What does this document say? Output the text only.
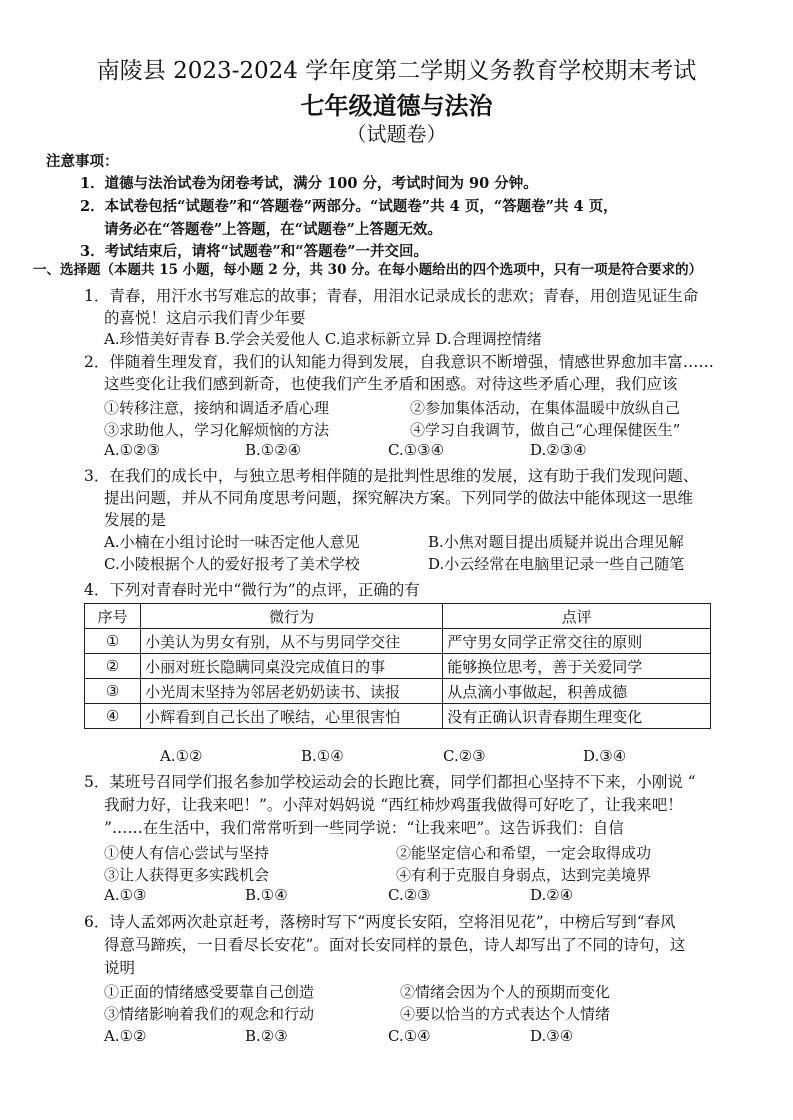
南陵县 2023-2024 学年度第二学期义务教育学校期末考试
七年级道德与法治
（试题卷）
注意事项：
1．道德与法治试卷为闭卷考试，满分 100 分，考试时间为 90 分钟。
2．本试卷包括“试题卷”和“答题卷”两部分。“试题卷”共 4 页，“答题卷”共 4 页，
请务必在“答题卷”上答题，在“试题卷”上答题无效。
3．考试结束后，请将“试题卷”和“答题卷”一并交回。
一、选择题（本题共 15 小题，每小题 2 分，共 30 分。在每小题给出的四个选项中，只有一项是符合要求的）
1．青春，用汗水书写难忘的故事；青春，用泪水记录成长的悲欢；青春，用创造见证生命
的喜悦！这启示我们青少年要
A.珍惜美好青春 B.学会关爱他人 C.追求标新立异 D.合理调控情绪
2．伴随着生理发育，我们的认知能力得到发展，自我意识不断增强，情感世界愈加丰富……
这些变化让我们感到新奇，也使我们产生矛盾和困惑。对待这些矛盾心理，我们应该
①转移注意，接纳和调适矛盾心理	②参加集体活动，在集体温暖中放纵自己
③求助他人，学习化解烦恼的方法	④学习自我调节，做自己“心理保健医生”
A.①②③	B.①②④	C.①③④	D.②③④
3．在我们的成长中，与独立思考相伴随的是批判性思维的发展，这有助于我们发现问题、
提出问题，并从不同角度思考问题，探究解决方案。下列同学的做法中能体现这一思维
发展的是
A.小楠在小组讨论时一味否定他人意见	B.小焦对题目提出质疑并说出合理见解
C.小陵根据个人的爱好报考了美术学校	D.小云经常在电脑里记录一些自己随笔
4．下列对青春时光中“微行为”的点评，正确的有
序号	微行为	点评
①	小美认为男女有别，从不与男同学交往	严守男女同学正常交往的原则
②	小丽对班长隐瞒同桌没完成值日的事	能够换位思考，善于关爱同学
③	小光周末坚持为邻居老奶奶读书、读报	从点滴小事做起，积善成德
④	小辉看到自己长出了喉结，心里很害怕	没有正确认识青春期生理变化
A.①②	B.①④	C.②③	D.③④
5．某班号召同学们报名参加学校运动会的长跑比赛，同学们都担心坚持不下来，小刚说 “
我耐力好，让我来吧！”。小萍对妈妈说 “西红柿炒鸡蛋我做得可好吃了，让我来吧！
”……在生活中，我们常常听到一些同学说：“让我来吧”。这告诉我们：自信
①使人有信心尝试与坚持	②能坚定信心和希望，一定会取得成功
③让人获得更多实践机会	④有利于克服自身弱点，达到完美境界
A.①③	B.①④	C.②③	D.②④
6．诗人孟郊两次赴京赶考，落榜时写下“两度长安陌，空将泪见花”，中榜后写到“春风
得意马蹄疾，一日看尽长安花”。面对长安同样的景色，诗人却写出了不同的诗句，这
说明
①正面的情绪感受要靠自己创造	②情绪会因为个人的预期而变化
③情绪影响着我们的观念和行动	④要以恰当的方式表达个人情绪
A.①②	B.②③	C.①④	D.③④
